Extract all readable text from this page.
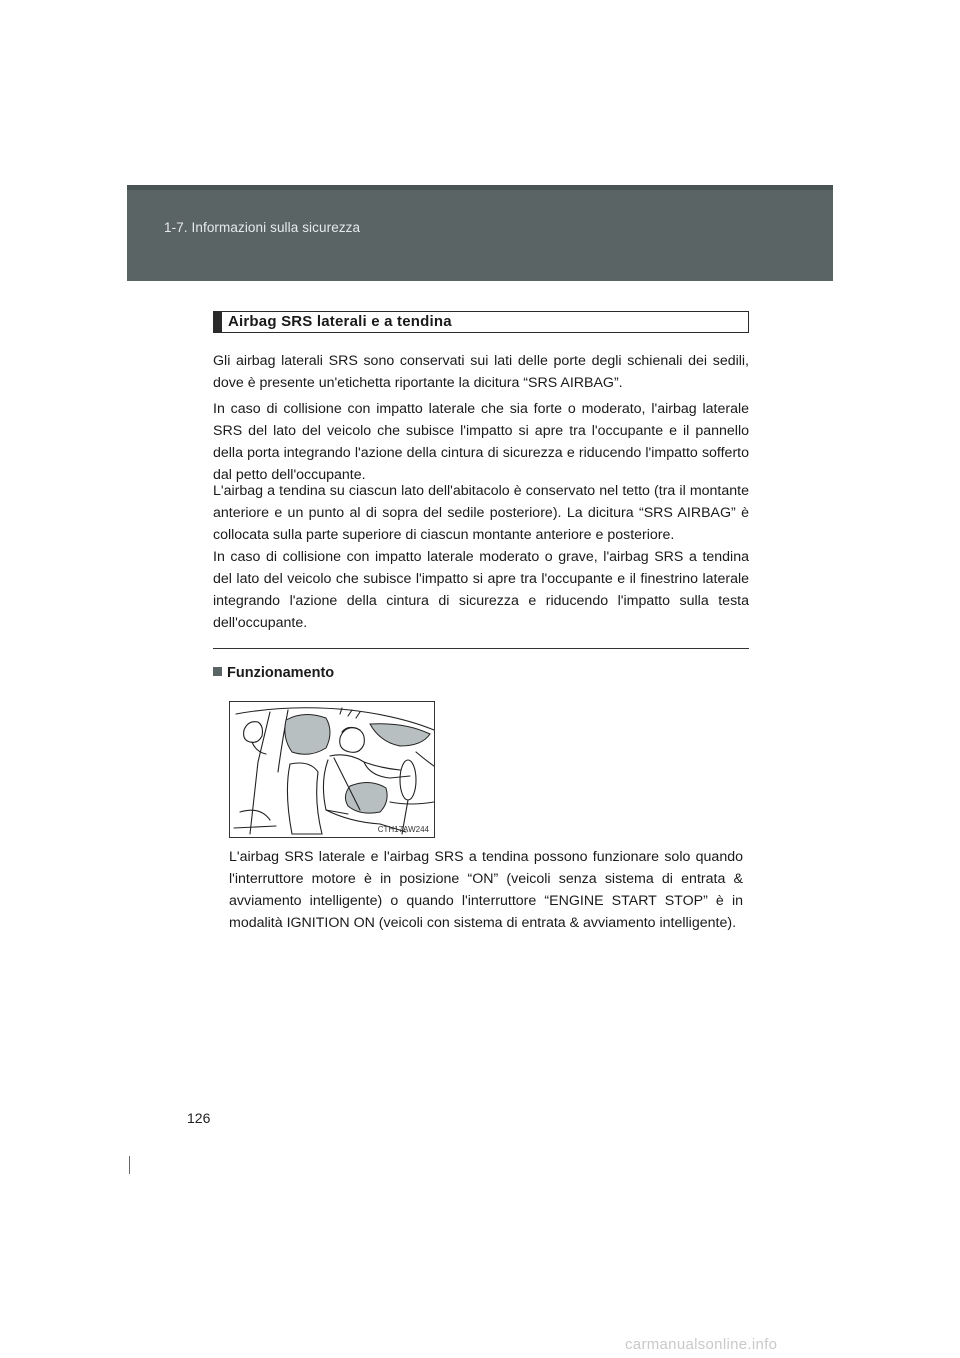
1-7. Informazioni sulla sicurezza
Airbag SRS laterali e a tendina

Gli airbag laterali SRS sono conservati sui lati delle porte degli schienali dei sedili, dove è presente un'etichetta riportante la dicitura “SRS AIRBAG”.

In caso di collisione con impatto laterale che sia forte o moderato, l'airbag laterale SRS del lato del veicolo che subisce l'impatto si apre tra l'occupante e il pannello della porta integrando l'azione della cintura di sicurezza e riducendo l'impatto sofferto dal petto dell'occupante.

L'airbag a tendina su ciascun lato dell'abitacolo è conservato nel tetto (tra il montante anteriore e un punto al di sopra del sedile posteriore). La dicitura “SRS AIRBAG” è collocata sulla parte superiore di ciascun montante anteriore e posteriore.

In caso di collisione con impatto laterale moderato o grave, l'airbag SRS a tendina del lato del veicolo che subisce l'impatto si apre tra l'occupante e il finestrino laterale integrando l'azione della cintura di sicurezza e riducendo l'impatto sulla testa dell'occupante.

Funzionamento
CTH17AW244

L'airbag SRS laterale e l'airbag SRS a tendina possono funzionare solo quando l'interruttore motore è in posizione “ON” (veicoli senza sistema di entrata & avviamento intelligente) o quando l'interruttore “ENGINE START STOP” è in modalità IGNITION ON (veicoli con sistema di entrata & avviamento intelligente).

126
carmanualsonline.info
